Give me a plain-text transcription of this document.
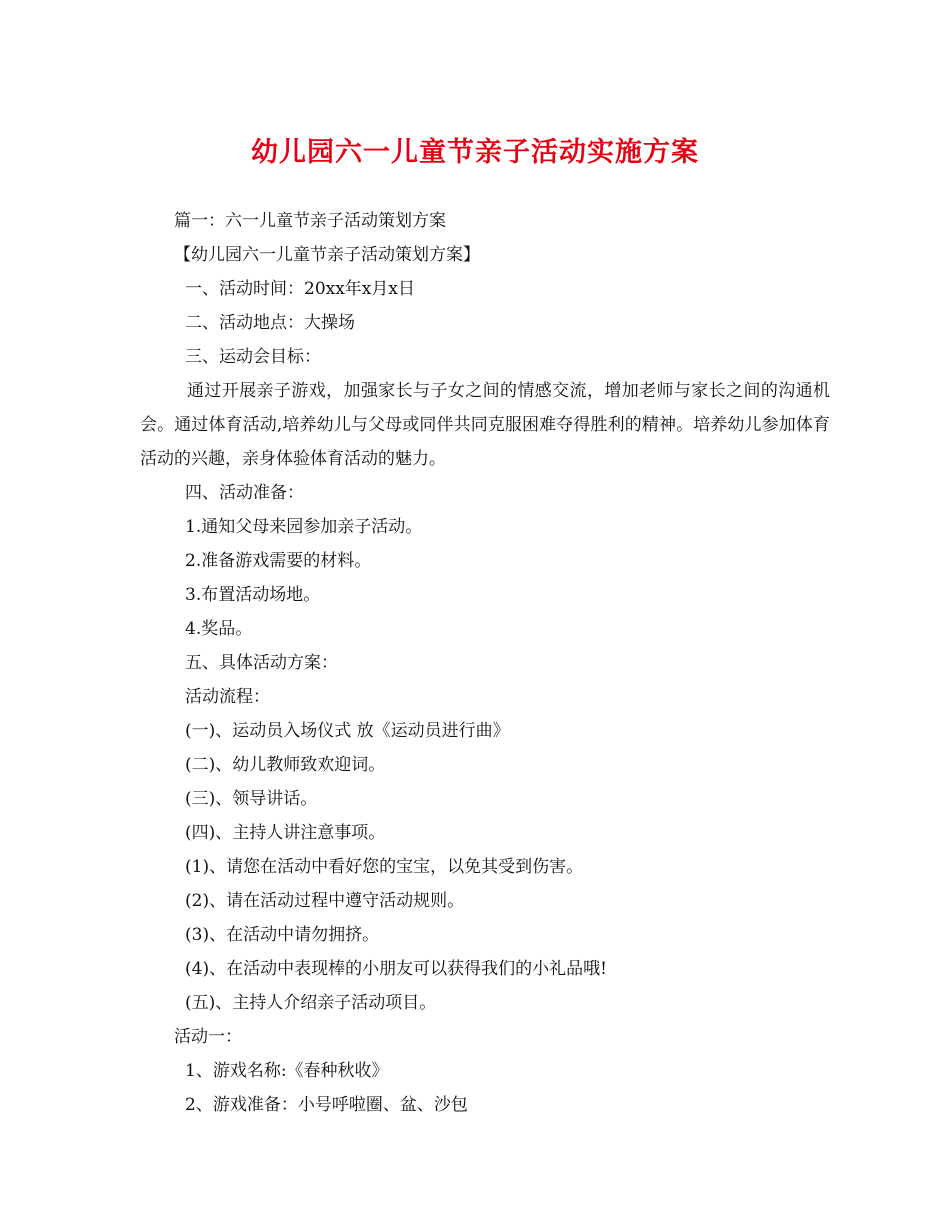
幼儿园六一儿童节亲子活动实施方案
篇一：六一儿童节亲子活动策划方案
【幼儿园六一儿童节亲子活动策划方案】
一、活动时间：20xx年x月x日
二、活动地点：大操场
三、运动会目标：
通过开展亲子游戏，加强家长与子女之间的情感交流，增加老师与家长之间的沟通机会。通过体育活动,培养幼儿与父母或同伴共同克服困难夺得胜利的精神。培养幼儿参加体育活动的兴趣，亲身体验体育活动的魅力。
四、活动准备：
1.通知父母来园参加亲子活动。
2.准备游戏需要的材料。
3.布置活动场地。
4.奖品。
五、具体活动方案：
活动流程：
(一)、运动员入场仪式 放《运动员进行曲》
(二)、幼儿教师致欢迎词。
(三)、领导讲话。
(四)、主持人讲注意事项。
(1)、请您在活动中看好您的宝宝，以免其受到伤害。
(2)、请在活动过程中遵守活动规则。
(3)、在活动中请勿拥挤。
(4)、在活动中表现棒的小朋友可以获得我们的小礼品哦!
(五)、主持人介绍亲子活动项目。
活动一：
1、游戏名称:《春种秋收》
2、游戏准备：小号呼啦圈、盆、沙包
